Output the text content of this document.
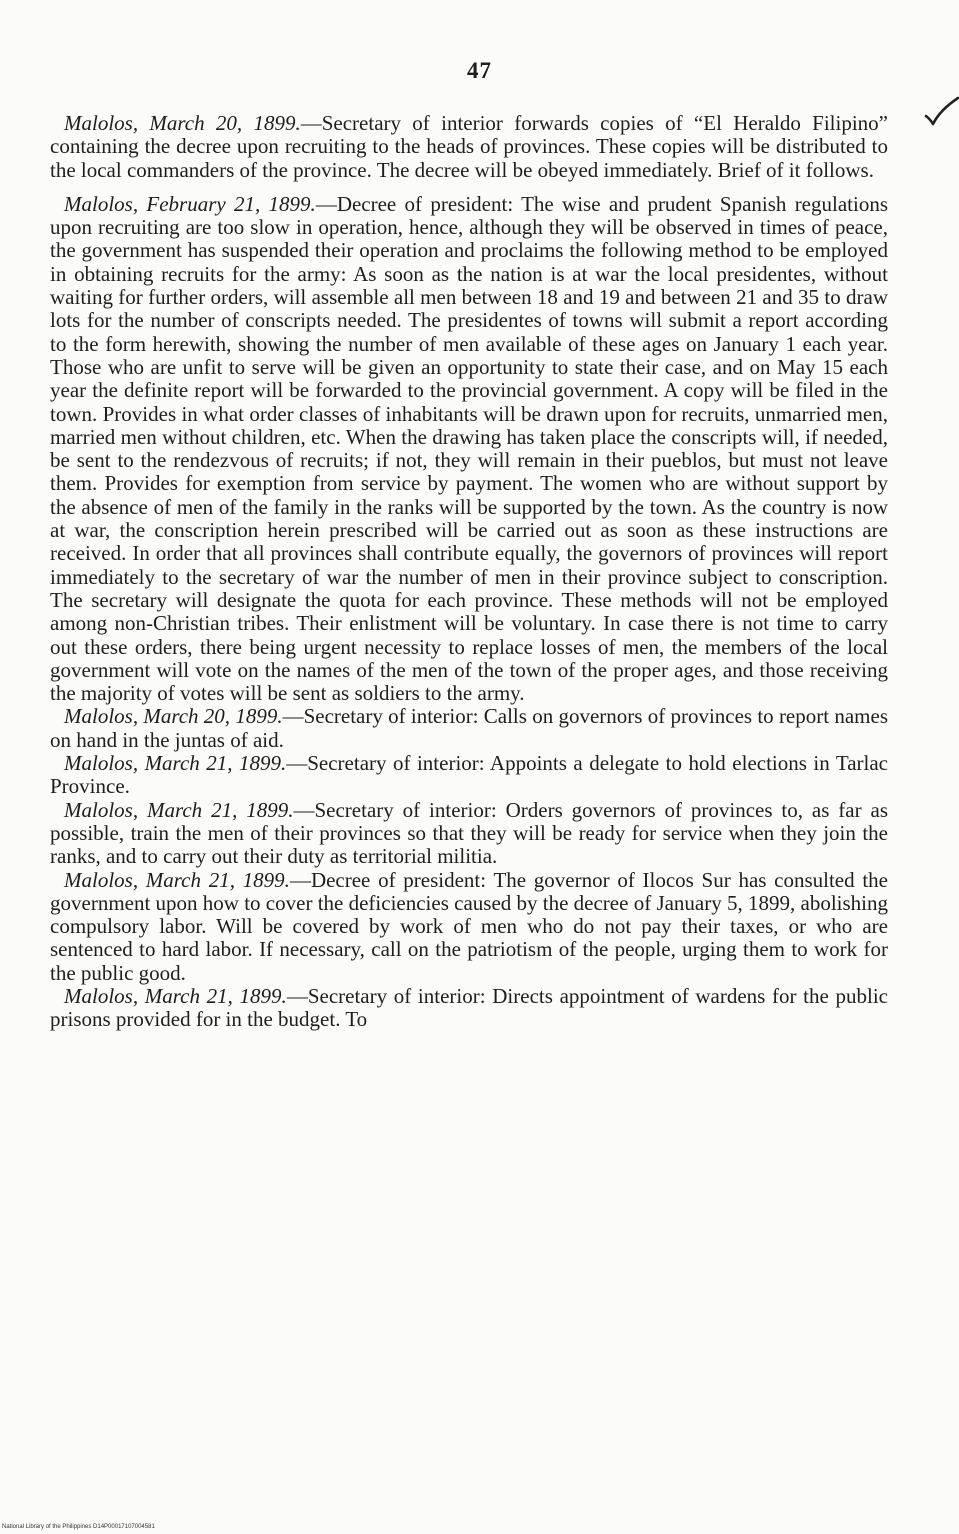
47

Malolos, March 20, 1899.—Secretary of interior forwards copies of “El Heraldo Filipino” containing the decree upon recruiting to the heads of provinces. These copies will be distributed to the local commanders of the province. The decree will be obeyed immediately. Brief of it follows.

Malolos, February 21, 1899.—Decree of president: The wise and prudent Spanish regulations upon recruiting are too slow in operation, hence, although they will be observed in times of peace, the government has suspended their operation and proclaims the following method to be employed in obtaining recruits for the army: As soon as the nation is at war the local presidentes, without waiting for further orders, will assemble all men between 18 and 19 and between 21 and 35 to draw lots for the number of conscripts needed. The presidentes of towns will submit a report according to the form herewith, showing the number of men available of these ages on January 1 each year. Those who are unfit to serve will be given an opportunity to state their case, and on May 15 each year the definite report will be forwarded to the provincial government. A copy will be filed in the town. Provides in what order classes of inhabitants will be drawn upon for recruits, unmarried men, married men without children, etc. When the drawing has taken place the conscripts will, if needed, be sent to the rendezvous of recruits; if not, they will remain in their pueblos, but must not leave them. Provides for exemption from service by payment. The women who are without support by the absence of men of the family in the ranks will be supported by the town. As the country is now at war, the conscription herein prescribed will be carried out as soon as these instructions are received. In order that all provinces shall contribute equally, the governors of provinces will report immediately to the secretary of war the number of men in their province subject to conscription. The secretary will designate the quota for each province. These methods will not be employed among non-Christian tribes. Their enlistment will be voluntary. In case there is not time to carry out these orders, there being urgent necessity to replace losses of men, the members of the local government will vote on the names of the men of the town of the proper ages, and those receiving the majority of votes will be sent as soldiers to the army.

Malolos, March 20, 1899.—Secretary of interior: Calls on governors of provinces to report names on hand in the juntas of aid.

Malolos, March 21, 1899.—Secretary of interior: Appoints a delegate to hold elections in Tarlac Province.

Malolos, March 21, 1899.—Secretary of interior: Orders governors of provinces to, as far as possible, train the men of their provinces so that they will be ready for service when they join the ranks, and to carry out their duty as territorial militia.

Malolos, March 21, 1899.—Decree of president: The governor of Ilocos Sur has consulted the government upon how to cover the deficiencies caused by the decree of January 5, 1899, abolishing compulsory labor. Will be covered by work of men who do not pay their taxes, or who are sentenced to hard labor. If necessary, call on the patriotism of the people, urging them to work for the public good.

Malolos, March 21, 1899.—Secretary of interior: Directs appointment of wardens for the public prisons provided for in the budget. To

National Library of the Philippines D14P00017107004581
